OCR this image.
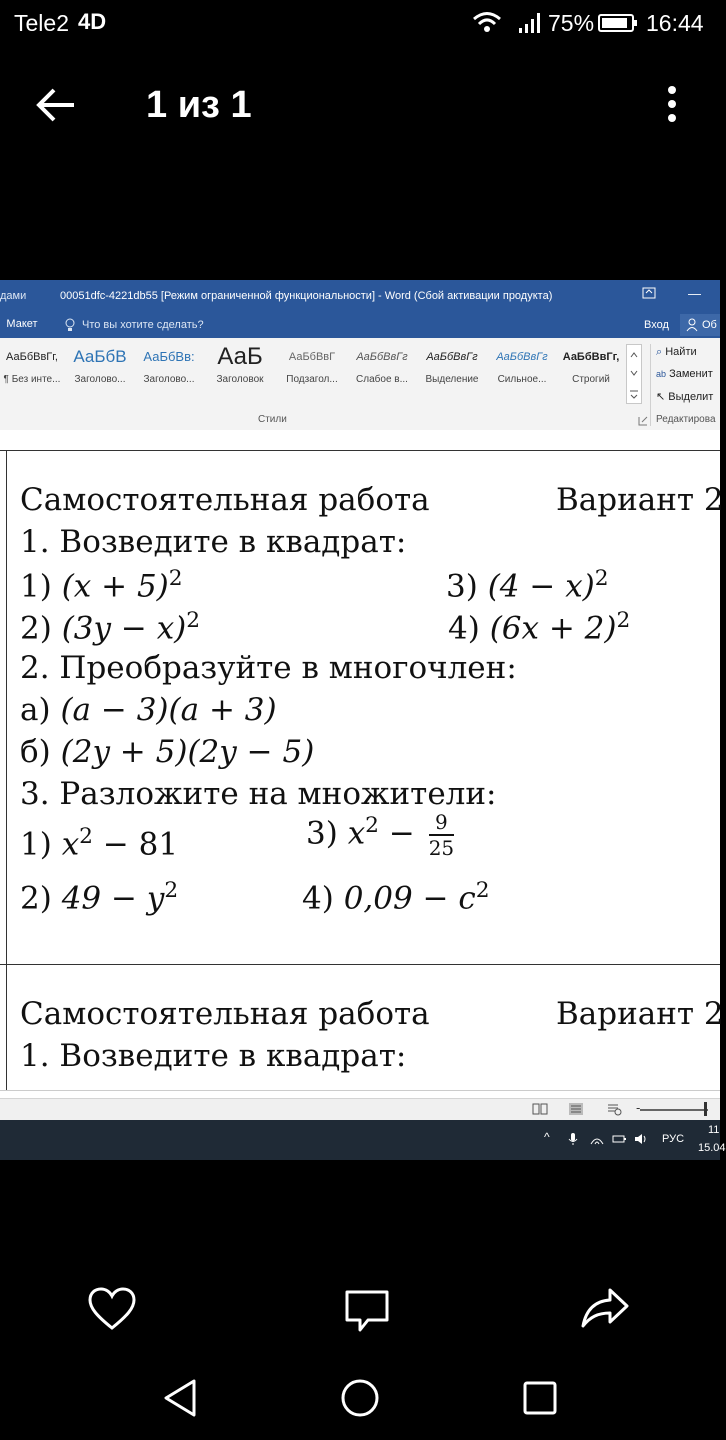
Tele2 4D	75% 16:44
1 из 1
дами	00051dfc-4221db55 [Режим ограниченной функциональности] - Word (Сбой активации продукта)	—
Макет	Что вы хотите сделать?	Вход	Об
АаБбВвГг,
¶ Без инте...
АаБбВ
Заголово...
АаБбВв:
Заголово...
АаБ
Заголовок
АаБбВвГ
Подзагол...
АаБбВвГг
Слабое в...
АаБбВвГг
Выделение
АаБбВвГг
Сильное...
АаБбВвГг,
Строгий
Стили
⌕ Найти
ab Заменит
↖ Выделит
Редактирова
Самостоятельная работа	Вариант 2
1. Возведите в квадрат:
1) $(x + 5)^2$	3) $(4 - x)^2$
2) $(3y - x)^2$	4) $(6x + 2)^2$
2. Преобразуйте в многочлен:
а) (a − 3)(a + 3)
б) (2y + 5)(2y − 5)
3. Разложите на множители:
1) $x^2 - 81$	3) $x^2 - \frac{9}{25}$
2) $49 - y^2$	4) $0,09 - c^2$
Самостоятельная работа	Вариант 2
1. Возведите в квадрат:
-
^	РУС
11
15.04
